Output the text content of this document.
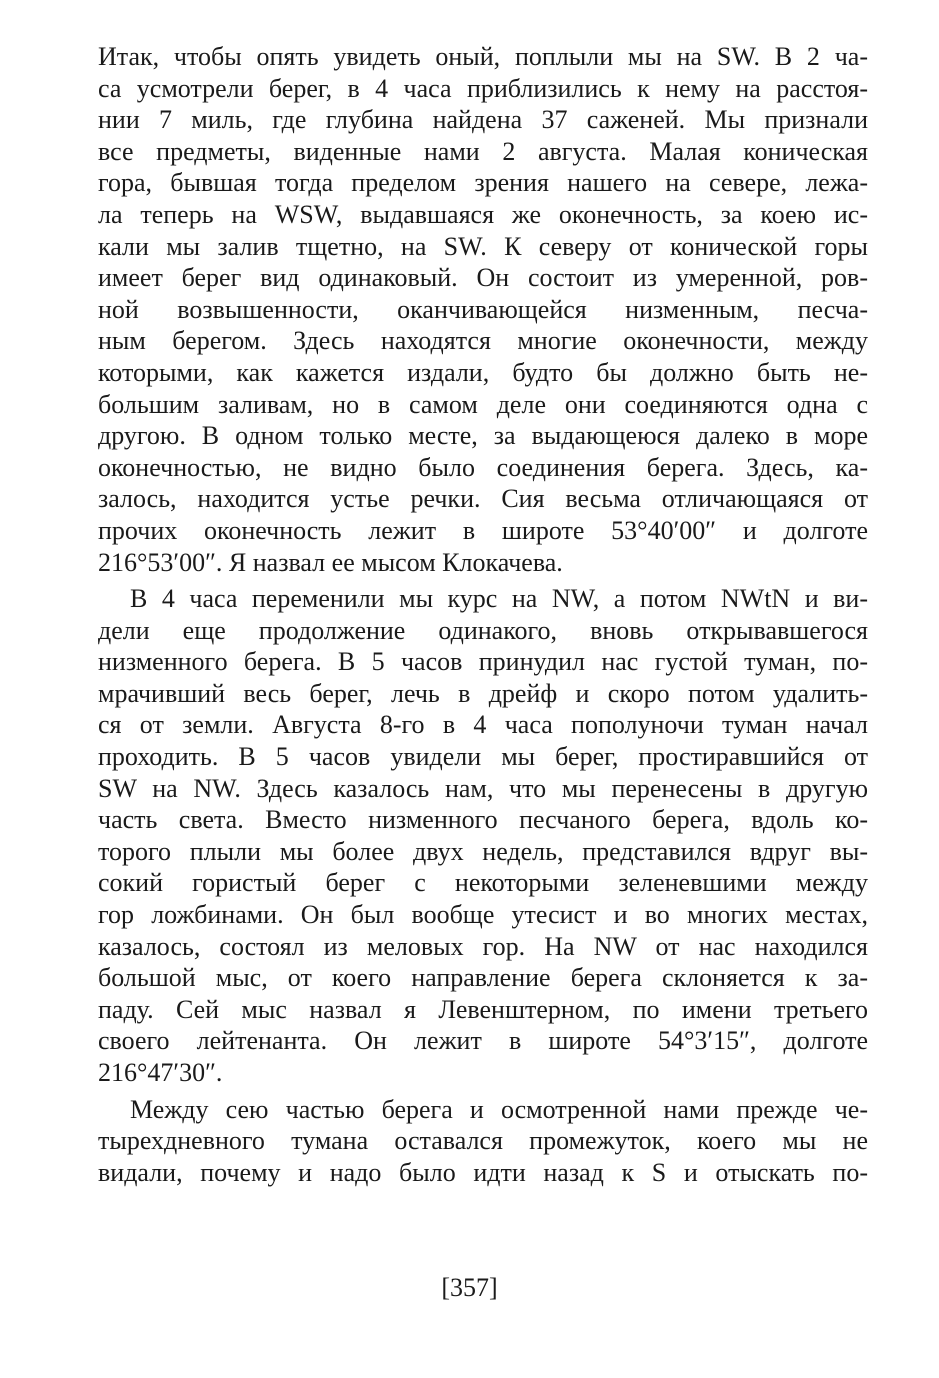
Итак, чтобы опять увидеть оный, поплыли мы на SW. В 2 ча-
са усмотрели берег, в 4 часа приблизились к нему на расстоя-
нии 7 миль, где глубина найдена 37 саженей. Мы признали
все предметы, виденные нами 2 августа. Малая коническая
гора, бывшая тогда пределом зрения нашего на севере, лежа-
ла теперь на WSW, выдавшаяся же оконечность, за коею ис-
кали мы залив тщетно, на SW. К северу от конической горы
имеет берег вид одинаковый. Он состоит из умеренной, ров-
ной возвышенности, оканчивающейся низменным, песча-
ным берегом. Здесь находятся многие оконечности, между
которыми, как кажется издали, будто бы должно быть не-
большим заливам, но в самом деле они соединяются одна с
другою. В одном только месте, за выдающеюся далеко в море
оконечностью, не видно было соединения берега. Здесь, ка-
залось, находится устье речки. Сия весьма отличающаяся от
прочих оконечность лежит в широте 53°40′00″ и долготе
216°53′00″. Я назвал ее мысом Клокачева.
В 4 часа переменили мы курс на NW, а потом NWtN и ви-
дели еще продолжение одинакого, вновь открывавшегося
низменного берега. В 5 часов принудил нас густой туман, по-
мрачивший весь берег, лечь в дрейф и скоро потом удалить-
ся от земли. Августа 8-го в 4 часа пополуночи туман начал
проходить. В 5 часов увидели мы берег, простиравшийся от
SW на NW. Здесь казалось нам, что мы перенесены в другую
часть света. Вместо низменного песчаного берега, вдоль ко-
торого плыли мы более двух недель, представился вдруг вы-
сокий гористый берег с некоторыми зеленевшими между
гор ложбинами. Он был вообще утесист и во многих местах,
казалось, состоял из меловых гор. На NW от нас находился
большой мыс, от коего направление берега склоняется к за-
паду. Сей мыс назвал я Левенштерном, по имени третьего
своего лейтенанта. Он лежит в широте 54°3′15″, долготе
216°47′30″.
Между сею частью берега и осмотренной нами прежде че-
тырехдневного тумана оставался промежуток, коего мы не
видали, почему и надо было идти назад к S и отыскать по-
[357]
